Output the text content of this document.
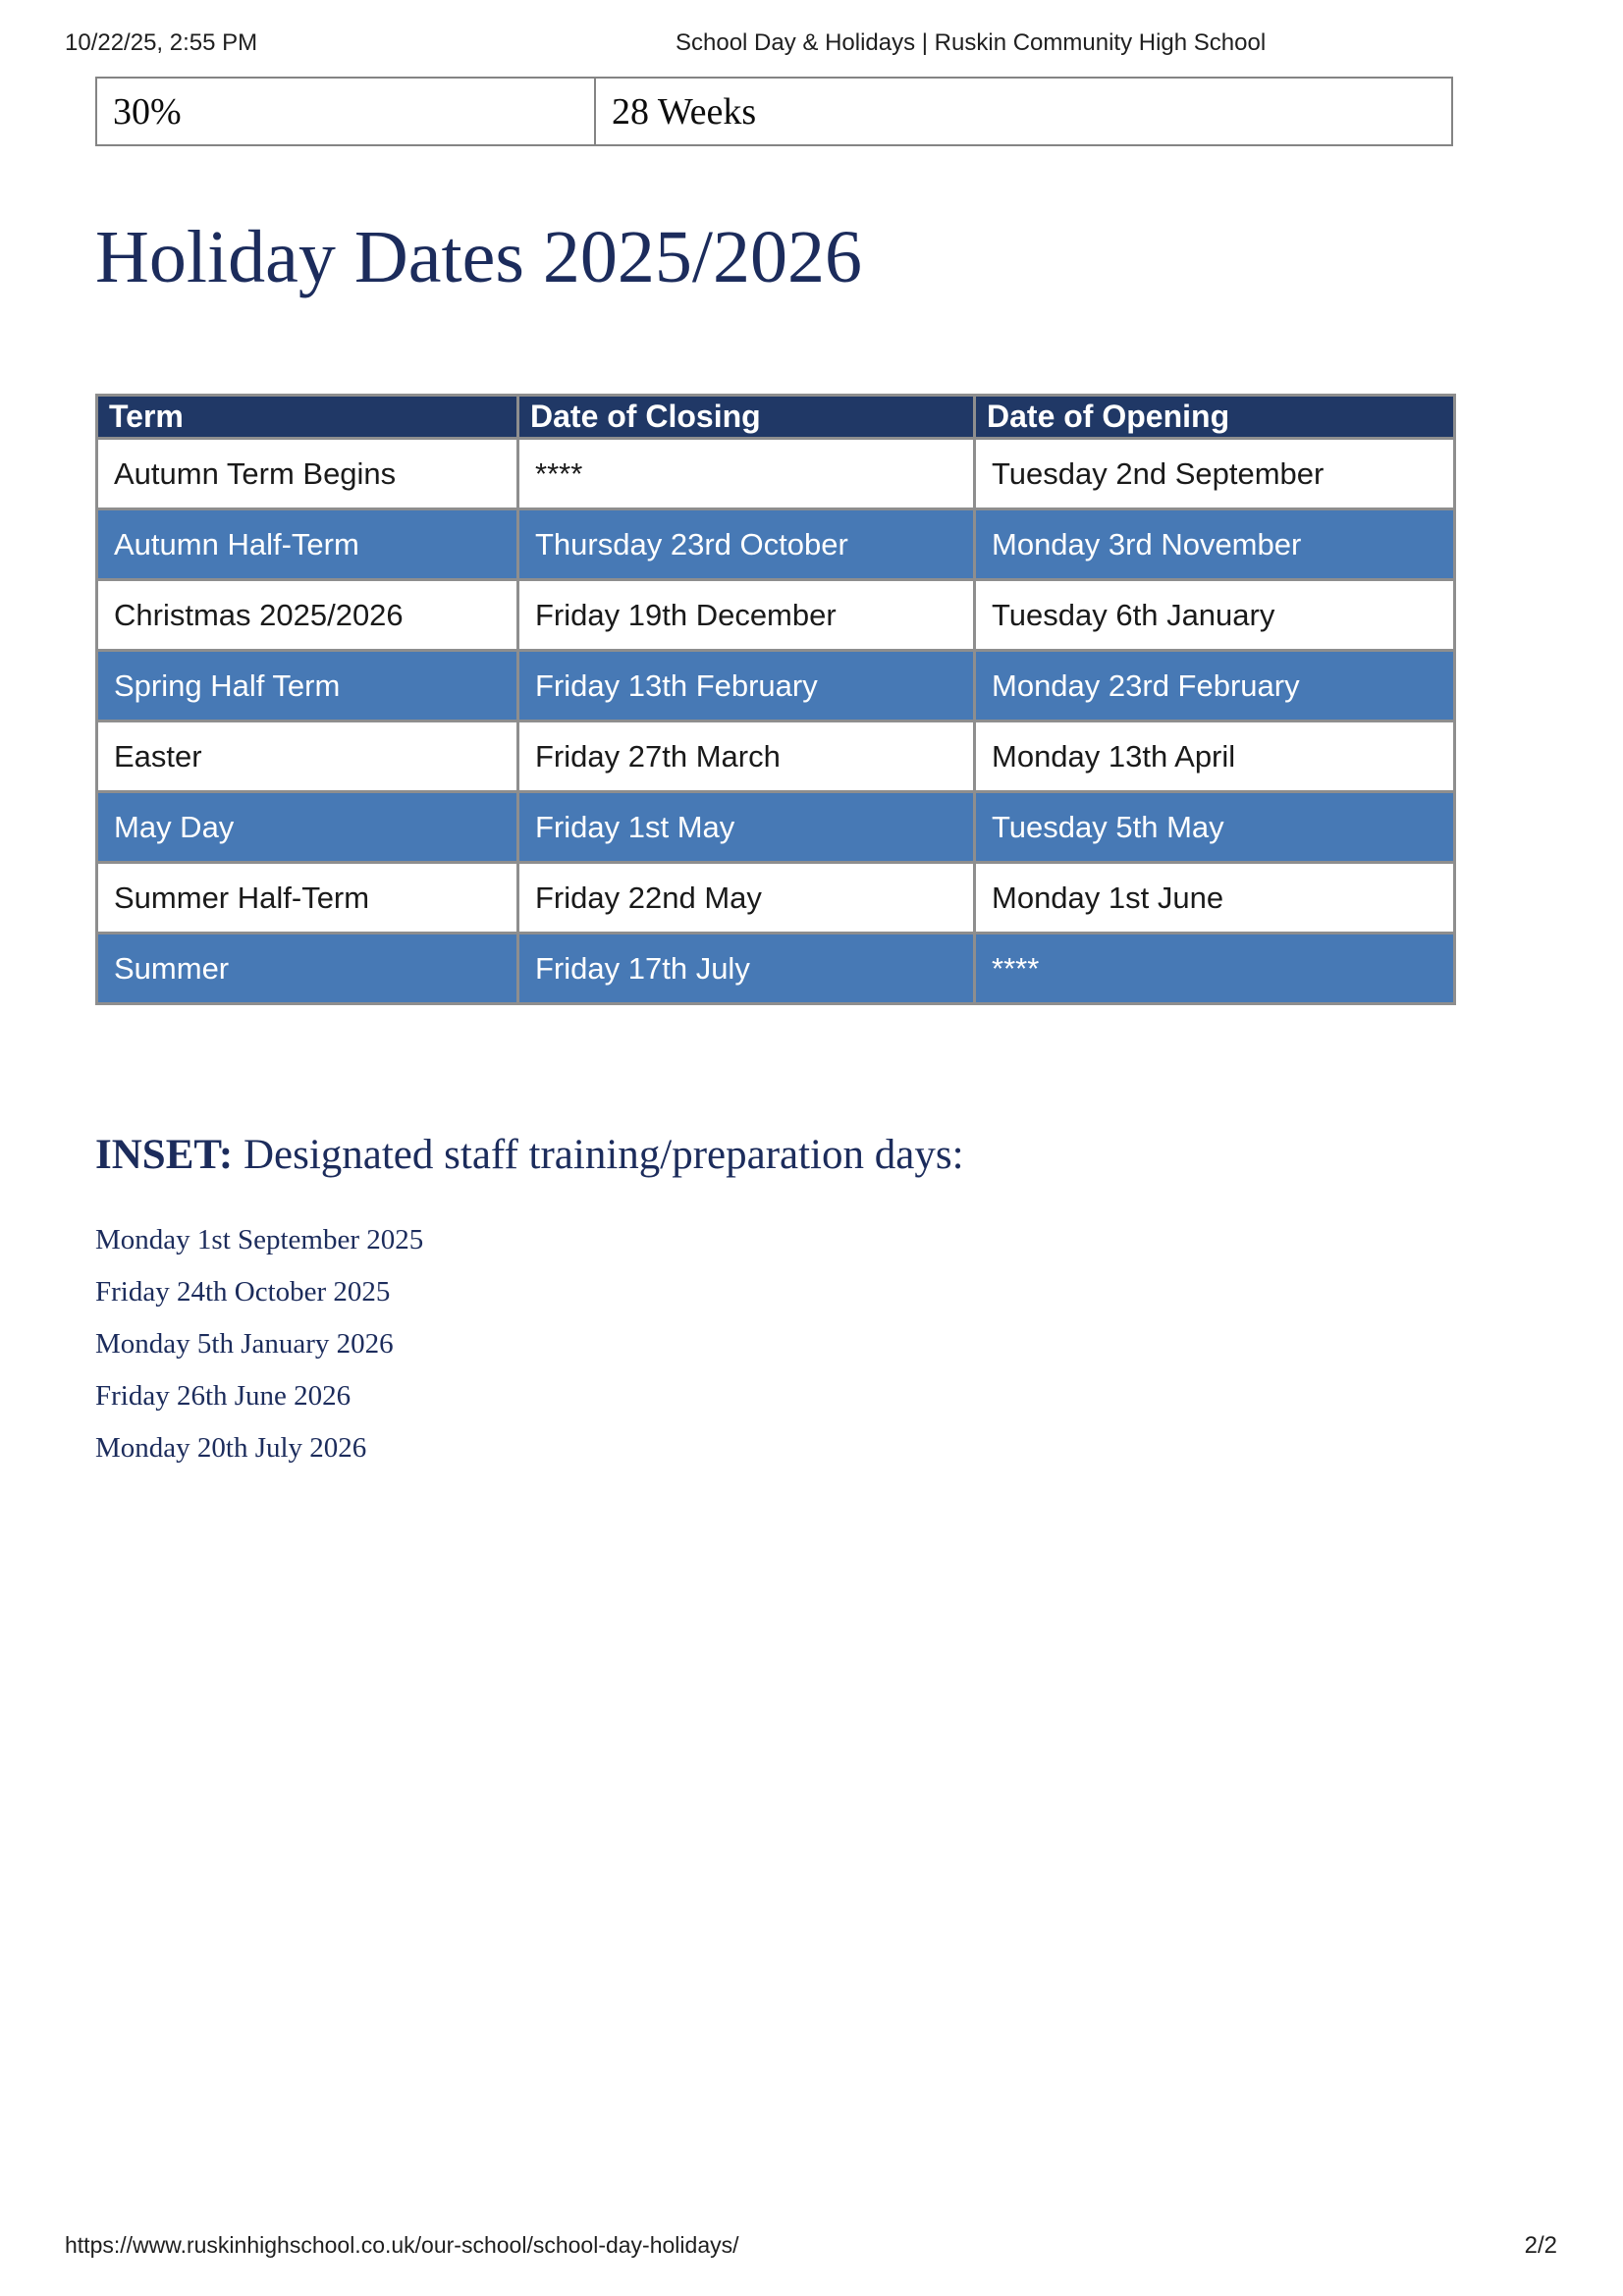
10/22/25, 2:55 PM	School Day & Holidays | Ruskin Community High School
30%	28 Weeks
Holiday Dates 2025/2026
Term	Date of Closing	Date of Opening
Autumn Term Begins	****	Tuesday 2nd September
Autumn Half-Term	Thursday 23rd October	Monday 3rd November
Christmas 2025/2026	Friday 19th December	Tuesday 6th January
Spring Half Term	Friday 13th February	Monday 23rd February
Easter	Friday 27th March	Monday 13th April
May Day	Friday 1st May	Tuesday 5th May
Summer Half-Term	Friday 22nd May	Monday 1st June
Summer	Friday 17th July	****
INSET: Designated staff training/preparation days:
Monday 1st September 2025
Friday 24th October 2025
Monday 5th January 2026
Friday 26th June 2026
Monday 20th July 2026
https://www.ruskinhighschool.co.uk/our-school/school-day-holidays/	2/2
